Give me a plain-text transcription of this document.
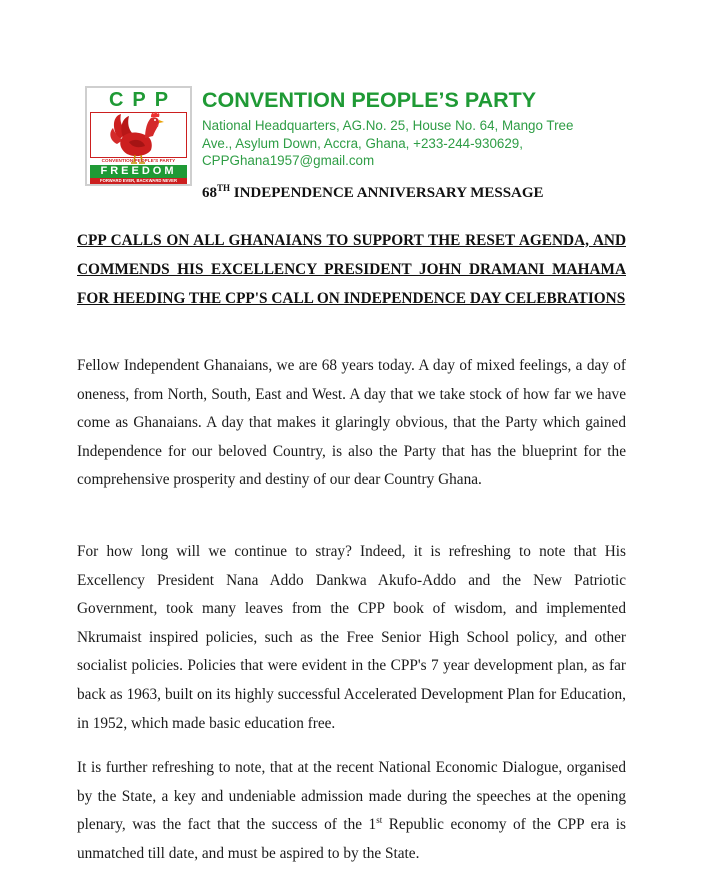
CPP
CONVENTION PEOPLE'S PARTY
FREEDOM
FORWARD EVER, BACKWARD NEVER
CONVENTION PEOPLE’S PARTY
National Headquarters, AG.No. 25, House No. 64, Mango Tree
Ave., Asylum Down, Accra, Ghana, +233-244-930629,
CPPGhana1957@gmail.com
68TH INDEPENDENCE ANNIVERSARY MESSAGE
CPP CALLS ON ALL GHANAIANS TO SUPPORT THE RESET AGENDA, AND COMMENDS HIS EXCELLENCY PRESIDENT JOHN DRAMANI MAHAMA FOR HEEDING THE CPP'S CALL ON INDEPENDENCE DAY CELEBRATIONS

Fellow Independent Ghanaians, we are 68 years today. A day of mixed feelings, a day of oneness, from North, South, East and West. A day that we take stock of how far we have come as Ghanaians. A day that makes it glaringly obvious, that the Party which gained Independence for our beloved Country, is also the Party that has the blueprint for the comprehensive prosperity and destiny of our dear Country Ghana.

For how long will we continue to stray? Indeed, it is refreshing to note that His Excellency President Nana Addo Dankwa Akufo-Addo and the New Patriotic Government, took many leaves from the CPP book of wisdom, and implemented Nkrumaist inspired policies, such as the Free Senior High School policy, and other socialist policies. Policies that were evident in the CPP's 7 year development plan, as far back as 1963, built on its highly successful Accelerated Development Plan for Education, in 1952, which made basic education free.

It is further refreshing to note, that at the recent National Economic Dialogue, organised by the State, a key and undeniable admission made during the speeches at the opening plenary, was the fact that the success of the 1st Republic economy of the CPP era is unmatched till date, and must be aspired to by the State.
